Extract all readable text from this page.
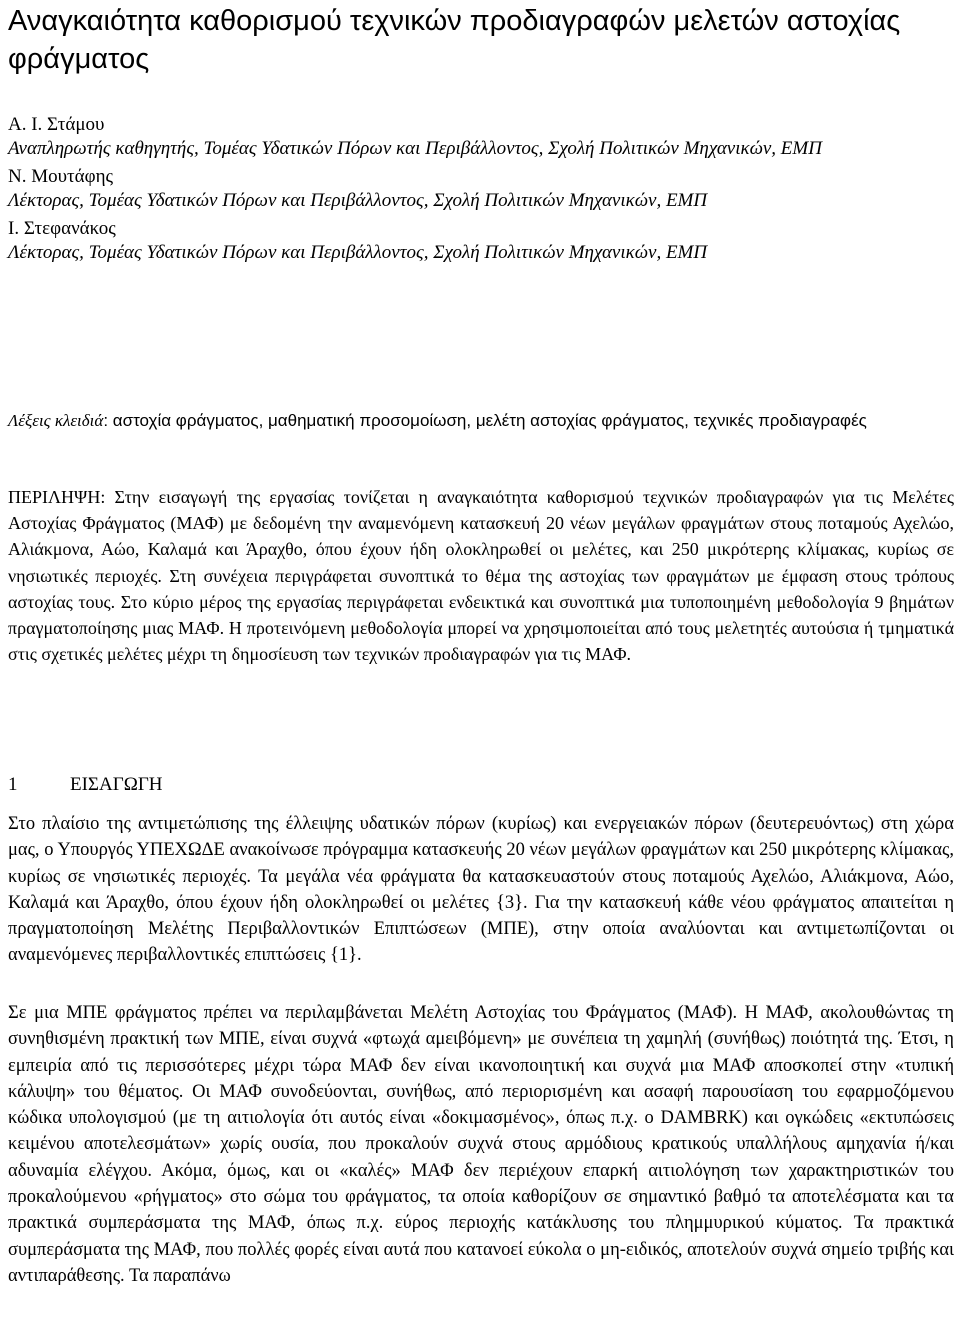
Αναγκαιότητα καθορισμού τεχνικών προδιαγραφών μελετών αστοχίας φράγματος
Α. Ι. Στάμου
Αναπληρωτής καθηγητής, Τομέας Υδατικών Πόρων και Περιβάλλοντος, Σχολή Πολιτικών Μηχανικών, ΕΜΠ
Ν. Μουτάφης
Λέκτορας, Τομέας Υδατικών Πόρων και Περιβάλλοντος, Σχολή Πολιτικών Μηχανικών, ΕΜΠ
Ι. Στεφανάκος
Λέκτορας, Τομέας Υδατικών Πόρων και Περιβάλλοντος, Σχολή Πολιτικών Μηχανικών, ΕΜΠ

Λέξεις κλειδιά: αστοχία φράγματος, μαθηματική προσομοίωση, μελέτη αστοχίας φράγματος, τεχνικές προδιαγραφές

ΠΕΡΙΛΗΨΗ: Στην εισαγωγή της εργασίας τονίζεται η αναγκαιότητα καθορισμού τεχνικών προδιαγραφών για τις Μελέτες Αστοχίας Φράγματος (ΜΑΦ) με δεδομένη την αναμενόμενη κατασκευή 20 νέων μεγάλων φραγμάτων στους ποταμούς Αχελώο, Αλιάκμονα, Αώο, Καλαμά και Άραχθο, όπου έχουν ήδη ολοκληρωθεί οι μελέτες, και 250 μικρότερης κλίμακας, κυρίως σε νησιωτικές περιοχές. Στη συνέχεια περιγράφεται συνοπτικά το θέμα της αστοχίας των φραγμάτων με έμφαση στους τρόπους αστοχίας τους. Στο κύριο μέρος της εργασίας περιγράφεται ενδεικτικά και συνοπτικά μια τυποποιημένη μεθοδολογία 9 βημάτων πραγματοποίησης μιας ΜΑΦ. Η προτεινόμενη μεθοδολογία μπορεί να χρησιμοποιείται από τους μελετητές αυτούσια ή τμηματικά στις σχετικές μελέτες μέχρι τη δημοσίευση των τεχνικών προδιαγραφών για τις ΜΑΦ.

1	ΕΙΣΑΓΩΓΗ

Στο πλαίσιο της αντιμετώπισης της έλλειψης υδατικών πόρων (κυρίως) και ενεργειακών πόρων (δευτερευόντως) στη χώρα μας, ο Υπουργός ΥΠΕΧΩΔΕ ανακοίνωσε πρόγραμμα κατασκευής 20 νέων μεγάλων φραγμάτων και 250 μικρότερης κλίμακας, κυρίως σε νησιωτικές περιοχές. Τα μεγάλα νέα φράγματα θα κατασκευαστούν στους ποταμούς Αχελώο, Αλιάκμονα, Αώο, Καλαμά και Άραχθο, όπου έχουν ήδη ολοκληρωθεί οι μελέτες {3}. Για την κατασκευή κάθε νέου φράγματος απαιτείται η πραγματοποίηση Μελέτης Περιβαλλοντικών Επιπτώσεων (ΜΠΕ), στην οποία αναλύονται και αντιμετωπίζονται οι αναμενόμενες περιβαλλοντικές επιπτώσεις {1}.

Σε μια ΜΠΕ φράγματος πρέπει να περιλαμβάνεται Μελέτη Αστοχίας του Φράγματος (ΜΑΦ). Η ΜΑΦ, ακολουθώντας τη συνηθισμένη πρακτική των ΜΠΕ, είναι συχνά «φτωχά αμειβόμενη» με συνέπεια τη χαμηλή (συνήθως) ποιότητά της. Έτσι, η εμπειρία από τις περισσότερες μέχρι τώρα ΜΑΦ δεν είναι ικανοποιητική και συχνά μια ΜΑΦ αποσκοπεί στην «τυπική κάλυψη» του θέματος. Οι ΜΑΦ συνοδεύονται, συνήθως, από περιορισμένη και ασαφή παρουσίαση του εφαρμοζόμενου κώδικα υπολογισμού (με τη αιτιολογία ότι αυτός είναι «δοκιμασμένος», όπως π.χ. ο DAMBRK) και ογκώδεις «εκτυπώσεις κειμένου αποτελεσμάτων» χωρίς ουσία, που προκαλούν συχνά στους αρμόδιους κρατικούς υπαλλήλους αμηχανία ή/και αδυναμία ελέγχου. Ακόμα, όμως, και οι «καλές» ΜΑΦ δεν περιέχουν επαρκή αιτιολόγηση των χαρακτηριστικών του προκαλούμενου «ρήγματος» στο σώμα του φράγματος, τα οποία καθορίζουν σε σημαντικό βαθμό τα αποτελέσματα και τα πρακτικά συμπεράσματα της ΜΑΦ, όπως π.χ. εύρος περιοχής κατάκλυσης του πλημμυρικού κύματος. Τα πρακτικά συμπεράσματα της ΜΑΦ, που πολλές φορές είναι αυτά που κατανοεί εύκολα ο μη-ειδικός, αποτελούν συχνά σημείο τριβής και αντιπαράθεσης. Τα παραπάνω
